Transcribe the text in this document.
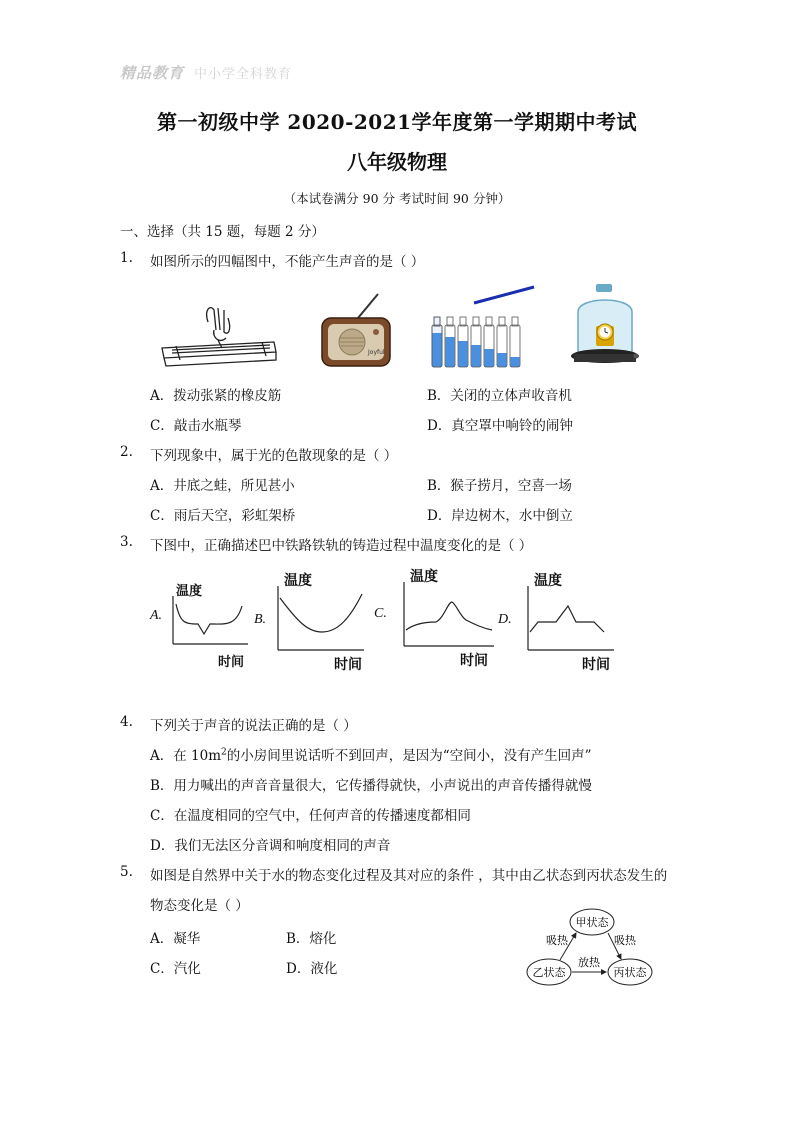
精品教育 中小学全科教育
第一初级中学 2020-2021学年度第一学期期中考试
八年级物理
（本试卷满分 90 分 考试时间 90 分钟）
一、选择（共 15 题，每题 2 分）
1. 如图所示的四幅图中，不能产生声音的是（ ）
Joyful
A．拨动张紧的橡皮筋	B．关闭的立体声收音机
C．敲击水瓶琴	D．真空罩中响铃的闹钟
2. 下列现象中，属于光的色散现象的是（ ）
A．井底之蛙，所见甚小	B．猴子捞月，空喜一场
C．雨后天空，彩虹架桥	D．岸边树木，水中倒立
3. 下图中，正确描述巴中铁路铁轨的铸造过程中温度变化的是（ ）
A.
温度
时间
B.
温度
时间
C.
温度
时间
D.
温度
时间
4. 下列关于声音的说法正确的是（ ）
A．在 $10m^2$的小房间里说话听不到回声，是因为“空间小，没有产生回声”
B．用力喊出的声音音量很大，它传播得就快，小声说出的声音传播得就慢
C．在温度相同的空气中，任何声音的传播速度都相同
D．我们无法区分音调和响度相同的声音
5. 如图是自然界中关于水的物态变化过程及其对应的条件 ，其中由乙状态到丙状态发生的
物态变化是（ ）
A．凝华	B．熔化
C．汽化	D．液化
甲状态
乙状态	丙状态
吸热	吸热
放热
